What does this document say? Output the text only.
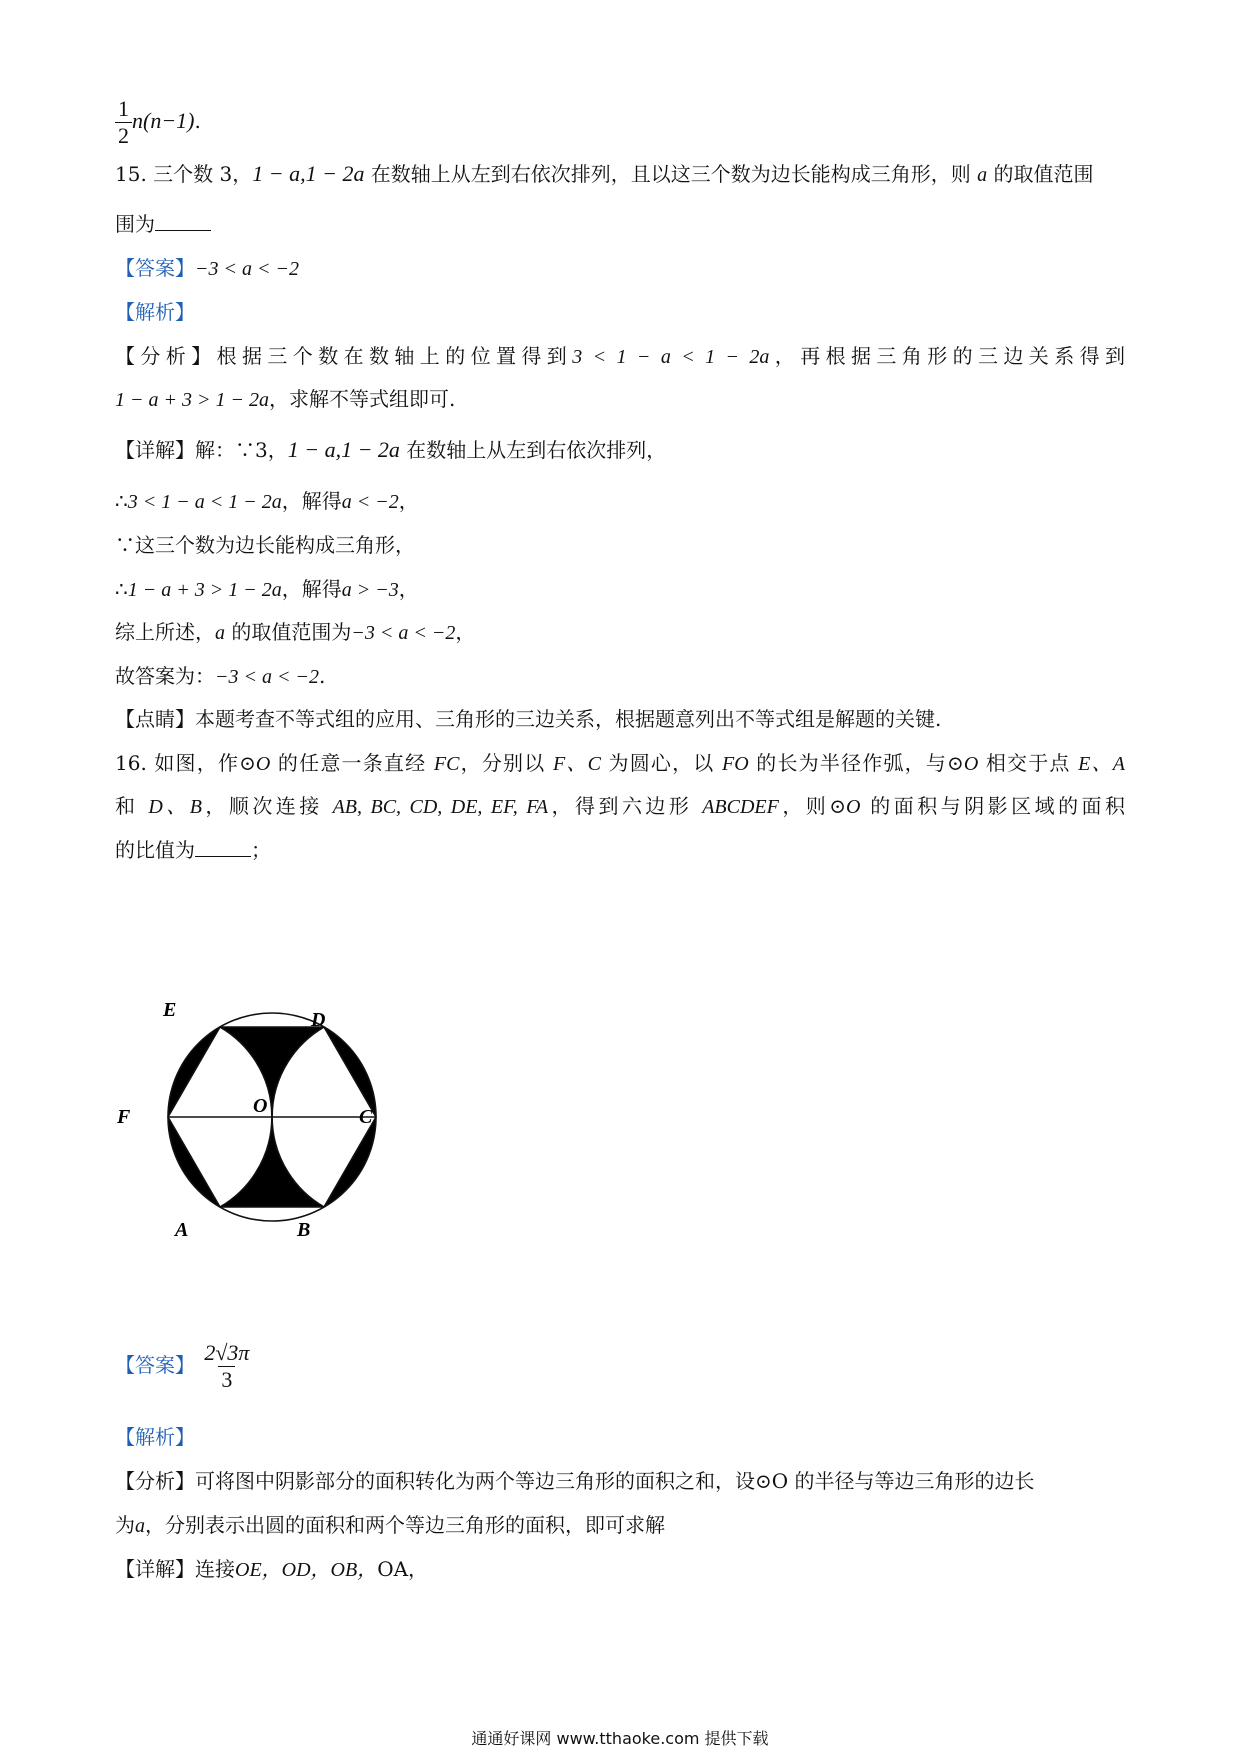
$\frac{1}{2} n(n-1)$.
15. 三个数 3，1 − a,1 − 2a 在数轴上从左到右依次排列，且以这三个数为边长能构成三角形，则 a 的取值范围
围为
【答案】−3 < a < −2
【解析】
【分析】根据三个数在数轴上的位置得到3 < 1 − a < 1 − 2a，再根据三角形的三边关系得到
1 − a + 3 > 1 − 2a，求解不等式组即可.
【详解】解：∵3，1 − a,1 − 2a 在数轴上从左到右依次排列，
∴3 < 1 − a < 1 − 2a，解得a < −2，
∵这三个数为边长能构成三角形，
∴1 − a + 3 > 1 − 2a，解得a > −3，
综上所述，a 的取值范围为−3 < a < −2，
故答案为：−3 < a < −2.
【点睛】本题考查不等式组的应用、三角形的三边关系，根据题意列出不等式组是解题的关键.
16. 如图，作⊙O 的任意一条直经 FC，分别以 F、C 为圆心，以 FO 的长为半径作弧，与⊙O 相交于点 E、A
和 D、B，顺次连接 AB, BC, CD, DE, EF, FA，得到六边形 ABCDEF，则⊙O 的面积与阴影区域的面积
的比值为	；
E	D
F	O	C
A	B
【答案】 $\frac{2√3\pi}{3}$
【解析】
【分析】可将图中阴影部分的面积转化为两个等边三角形的面积之和，设⊙O 的半径与等边三角形的边长
为a，分别表示出圆的面积和两个等边三角形的面积，即可求解
【详解】连接OE，OD，OB，OA，
通通好课网 www.tthaoke.com 提供下载
